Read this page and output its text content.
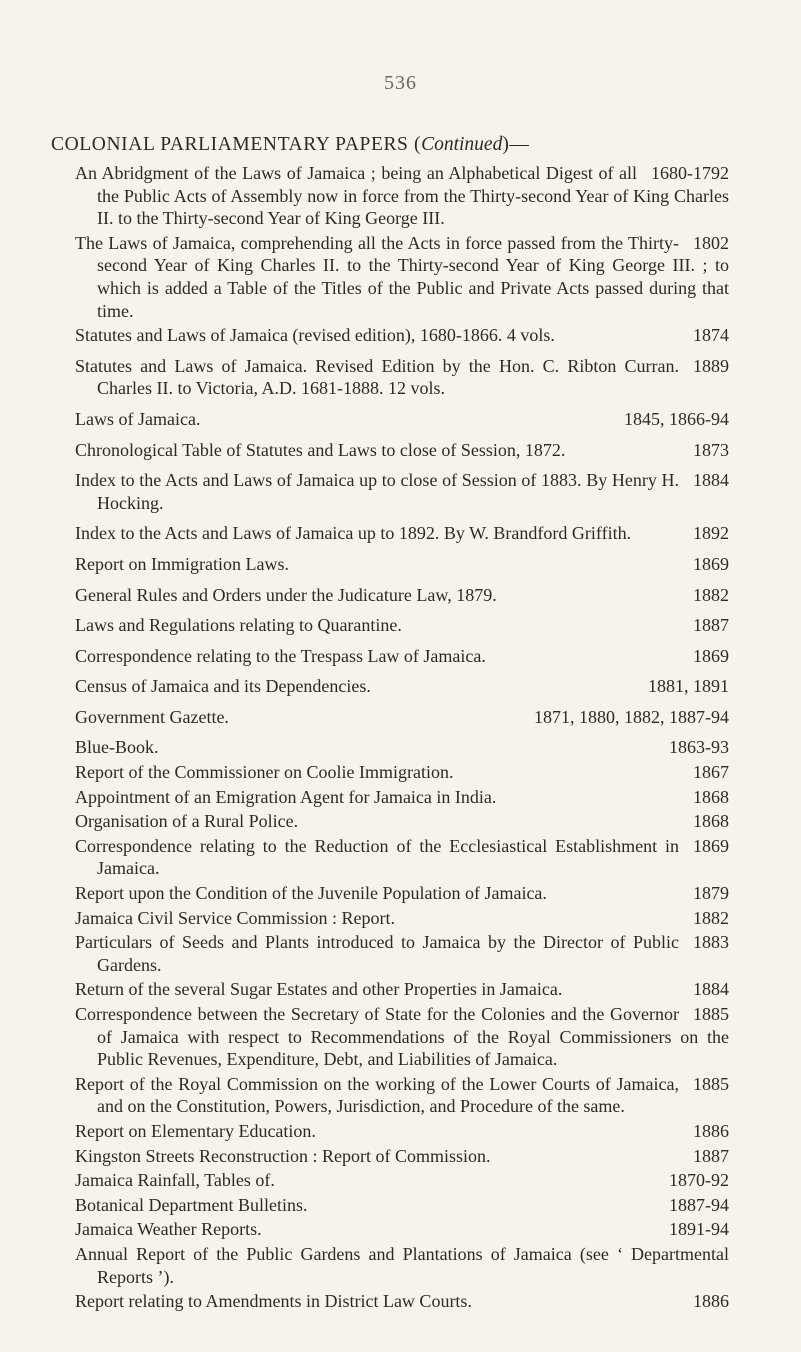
536
COLONIAL PARLIAMENTARY PAPERS (Continued)—
1680-1792
An Abridgment of the Laws of Jamaica ; being an Alphabetical Digest of all the Public Acts of Assembly now in force from the Thirty-second Year of King Charles II. to the Thirty-second Year of King George III.
1802
The Laws of Jamaica, comprehending all the Acts in force passed from the Thirty-second Year of King Charles II. to the Thirty-second Year of King George III. ; to which is added a Table of the Titles of the Public and Private Acts passed during that time.
1874
Statutes and Laws of Jamaica (revised edition), 1680-1866. 4 vols.
1889
Statutes and Laws of Jamaica. Revised Edition by the Hon. C. Ribton Curran. Charles II. to Victoria, A.D. 1681-1888. 12 vols.
1845, 1866-94
Laws of Jamaica.
1873
Chronological Table of Statutes and Laws to close of Session, 1872.
1884
Index to the Acts and Laws of Jamaica up to close of Session of 1883. By Henry H. Hocking.
1892
Index to the Acts and Laws of Jamaica up to 1892. By W. Brandford Griffith.
1869
Report on Immigration Laws.
1882
General Rules and Orders under the Judicature Law, 1879.
1887
Laws and Regulations relating to Quarantine.
1869
Correspondence relating to the Trespass Law of Jamaica.
1881, 1891
Census of Jamaica and its Dependencies.
1871, 1880, 1882, 1887-94
Government Gazette.
1863-93
Blue-Book.
1867
Report of the Commissioner on Coolie Immigration.
1868
Appointment of an Emigration Agent for Jamaica in India.
1868
Organisation of a Rural Police.
1869
Correspondence relating to the Reduction of the Ecclesiastical Establishment in Jamaica.
1879
Report upon the Condition of the Juvenile Population of Jamaica.
1882
Jamaica Civil Service Commission : Report.
1883
Particulars of Seeds and Plants introduced to Jamaica by the Director of Public Gardens.
1884
Return of the several Sugar Estates and other Properties in Jamaica.
1885
Correspondence between the Secretary of State for the Colonies and the Governor of Jamaica with respect to Recommendations of the Royal Commissioners on the Public Revenues, Expenditure, Debt, and Liabilities of Jamaica.
1885
Report of the Royal Commission on the working of the Lower Courts of Jamaica, and on the Constitution, Powers, Jurisdiction, and Procedure of the same.
1886
Report on Elementary Education.
1887
Kingston Streets Reconstruction : Report of Commission.
1870-92
Jamaica Rainfall, Tables of.
1887-94
Botanical Department Bulletins.
1891-94
Jamaica Weather Reports.
Annual Report of the Public Gardens and Plantations of Jamaica (see ‘ Departmental Reports ’).
1886
Report relating to Amendments in District Law Courts.
